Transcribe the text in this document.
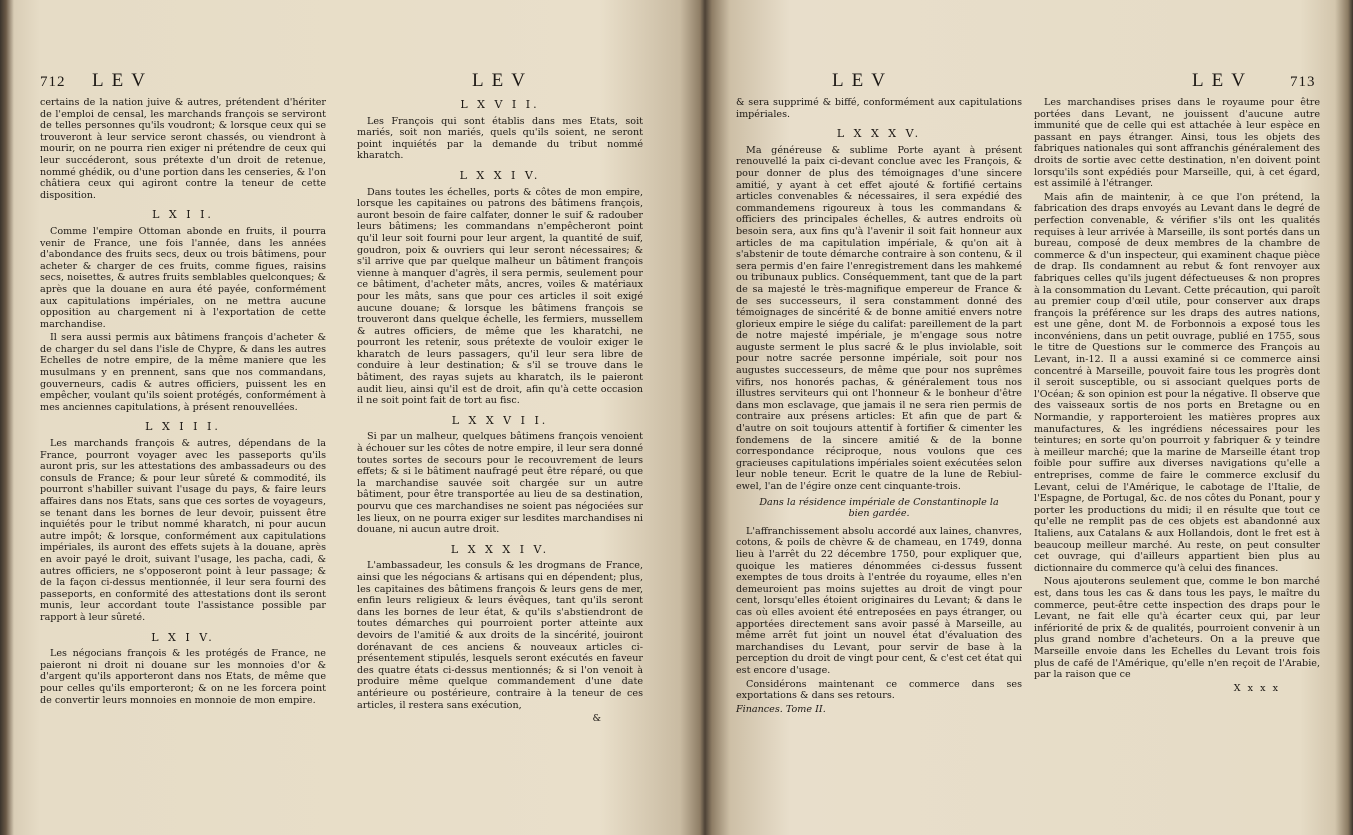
712 LEV	LEV

certains de la nation juive & autres, prétendent d'hériter de l'emploi de censal, les marchands françois se serviront de telles personnes qu'ils voudront; & lorsque ceux qui se trouveront à leur service seront chassés, ou viendront à mourir, on ne pourra rien exiger ni prétendre de ceux qui leur succéderont, sous prétexte d'un droit de retenue, nommé ghédik, ou d'une portion dans les censeries, & l'on châtiera ceux qui agiront contre la teneur de cette disposition.

L X I I.

Comme l'empire Ottoman abonde en fruits, il pourra venir de France, une fois l'année, dans les années d'abondance des fruits secs, deux ou trois bâtimens, pour acheter & charger de ces fruits, comme figues, raisins secs, noisettes, & autres fruits semblables quelconques; & après que la douane en aura été payée, conformément aux capitulations impériales, on ne mettra aucune opposition au chargement ni à l'exportation de cette marchandise.

Il sera aussi permis aux bâtimens françois d'acheter & de charger du sel dans l'isle de Chypre, & dans les autres Echelles de notre empire, de la même maniere que les musulmans y en prennent, sans que nos commandans, gouverneurs, cadis & autres officiers, puissent les en empêcher, voulant qu'ils soient protégés, conformément à mes anciennes capitulations, à présent renouvellées.

L X I I I.

Les marchands françois & autres, dépendans de la France, pourront voyager avec les passeports qu'ils auront pris, sur les attestations des ambassadeurs ou des consuls de France; & pour leur sûreté & commodité, ils pourront s'habiller suivant l'usage du pays, & faire leurs affaires dans nos Etats, sans que ces sortes de voyageurs, se tenant dans les bornes de leur devoir, puissent être inquiétés pour le tribut nommé kharatch, ni pour aucun autre impôt; & lorsque, conformément aux capitulations impériales, ils auront des effets sujets à la douane, après en avoir payé le droit, suivant l'usage, les pacha, cadi, & autres officiers, ne s'opposeront point à leur passage; & de la façon ci-dessus mentionnée, il leur sera fourni des passeports, en conformité des attestations dont ils seront munis, leur accordant toute l'assistance possible par rapport à leur sûreté.

L X I V.

Les négocians françois & les protégés de France, ne paieront ni droit ni douane sur les monnoies d'or & d'argent qu'ils apporteront dans nos Etats, de même que pour celles qu'ils emporteront; & on ne les forcera point de convertir leurs monnoies en monnoie de mon empire.

L X V I I.

Les François qui sont établis dans mes Etats, soit mariés, soit non mariés, quels qu'ils soient, ne seront point inquiétés par la demande du tribut nommé kharatch.

L X X I V.

Dans toutes les échelles, ports & côtes de mon empire, lorsque les capitaines ou patrons des bâtimens françois, auront besoin de faire calfater, donner le suif & radouber leurs bâtimens; les commandans n'empêcheront point qu'il leur soit fourni pour leur argent, la quantité de suif, goudron, poix & ouvriers qui leur seront nécessaires; & s'il arrive que par quelque malheur un bâtiment françois vienne à manquer d'agrès, il sera permis, seulement pour ce bâtiment, d'acheter mâts, ancres, voiles & matériaux pour les mâts, sans que pour ces articles il soit exigé aucune douane; & lorsque les bâtimens françois se trouveront dans quelque échelle, les fermiers, mussellem & autres officiers, de même que les kharatchi, ne pourront les retenir, sous prétexte de vouloir exiger le kharatch de leurs passagers, qu'il leur sera libre de conduire à leur destination; & s'il se trouve dans le bâtiment, des rayas sujets au kharatch, ils le paieront audit lieu, ainsi qu'il est de droit, afin qu'à cette occasion il ne soit point fait de tort au fisc.

L X X V I I.

Si par un malheur, quelques bâtimens françois venoient à échouer sur les côtes de notre empire, il leur sera donné toutes sortes de secours pour le recouvrement de leurs effets; & si le bâtiment naufragé peut être réparé, ou que la marchandise sauvée soit chargée sur un autre bâtiment, pour être transportée au lieu de sa destination, pourvu que ces marchandises ne soient pas négociées sur les lieux, on ne pourra exiger sur lesdites marchandises ni douane, ni aucun autre droit.

L X X X I V.

L'ambassadeur, les consuls & les drogmans de France, ainsi que les négocians & artisans qui en dépendent; plus, les capitaines des bâtimens françois & leurs gens de mer, enfin leurs religieux & leurs évêques, tant qu'ils seront dans les bornes de leur état, & qu'ils s'abstiendront de toutes démarches qui pourroient porter atteinte aux devoirs de l'amitié & aux droits de la sincérité, jouiront dorénavant de ces anciens & nouveaux articles ci-présentement stipulés, lesquels seront exécutés en faveur des quatre états ci-dessus mentionnés; & si l'on venoit à produire même quelque commandement d'une date antérieure ou postérieure, contraire à la teneur de ces articles, il restera sans exécution,

&

LEV	LEV 713

& sera supprimé & biffé, conformément aux capitulations impériales.

L X X X V.

Ma généreuse & sublime Porte ayant à présent renouvellé la paix ci-devant conclue avec les François, & pour donner de plus des témoignages d'une sincere amitié, y ayant à cet effet ajouté & fortifié certains articles convenables & nécessaires, il sera expédié des commandemens rigoureux à tous les commandans & officiers des principales échelles, & autres endroits où besoin sera, aux fins qu'à l'avenir il soit fait honneur aux articles de ma capitulation impériale, & qu'on ait à s'abstenir de toute démarche contraire à son contenu, & il sera permis d'en faire l'enregistrement dans les mahkemé ou tribunaux publics. Conséquemment, tant que de la part de sa majesté le très-magnifique empereur de France & de ses successeurs, il sera constamment donné des témoignages de sincérité & de bonne amitié envers notre glorieux empire le siége du califat: pareillement de la part de notre majesté impériale, je m'engage sous notre auguste serment le plus sacré & le plus inviolable, soit pour notre sacrée personne impériale, soit pour nos augustes successeurs, de même que pour nos suprêmes vifirs, nos honorés pachas, & généralement tous nos illustres serviteurs qui ont l'honneur & le bonheur d'être dans mon esclavage, que jamais il ne sera rien permis de contraire aux présens articles: Et afin que de part & d'autre on soit toujours attentif à fortifier & cimenter les fondemens de la sincere amitié & de la bonne correspondance réciproque, nous voulons que ces gracieuses capitulations impériales soient exécutées selon leur noble teneur. Ecrit le quatre de la lune de Rebiul-ewel, l'an de l'égire onze cent cinquante-trois.

Dans la résidence impériale de Constantinople la bien gardée.

L'affranchissement absolu accordé aux laines, chanvres, cotons, & poils de chèvre & de chameau, en 1749, donna lieu à l'arrêt du 22 décembre 1750, pour expliquer que, quoique les matieres dénommées ci-dessus fussent exemptes de tous droits à l'entrée du royaume, elles n'en demeuroient pas moins sujettes au droit de vingt pour cent, lorsqu'elles étoient originaires du Levant; & dans le cas où elles avoient été entreposées en pays étranger, ou apportées directement sans avoir passé à Marseille, au même arrêt fut joint un nouvel état d'évaluation des marchandises du Levant, pour servir de base à la perception du droit de vingt pour cent, & c'est cet état qui est encore d'usage.

Considérons maintenant ce commerce dans ses exportations & dans ses retours.

Finances. Tome II.

Les marchandises prises dans le royaume pour être portées dans Levant, ne jouissent d'aucune autre immunité que de celle qui est attachée à leur espèce en passant en pays étranger. Ainsi, tous les objets des fabriques nationales qui sont affranchis généralement des droits de sortie avec cette destination, n'en doivent point lorsqu'ils sont expédiés pour Marseille, qui, à cet égard, est assimilé à l'étranger.

Mais afin de maintenir, à ce que l'on prétend, la fabrication des draps envoyés au Levant dans le degré de perfection convenable, & vérifier s'ils ont les qualités requises à leur arrivée à Marseille, ils sont portés dans un bureau, composé de deux membres de la chambre de commerce & d'un inspecteur, qui examinent chaque pièce de drap. Ils condamnent au rebut & font renvoyer aux fabriques celles qu'ils jugent défectueuses & non propres à la consommation du Levant. Cette précaution, qui paroît au premier coup d'œil utile, pour conserver aux draps françois la préférence sur les draps des autres nations, est une gêne, dont M. de Forbonnois a exposé tous les inconvéniens, dans un petit ouvrage, publié en 1755, sous le titre de Questions sur le commerce des François au Levant, in-12. Il a aussi examiné si ce commerce ainsi concentré à Marseille, pouvoit faire tous les progrès dont il seroit susceptible, ou si associant quelques ports de l'Océan; & son opinion est pour la négative. Il observe que des vaisseaux sortis de nos ports en Bretagne ou en Normandie, y rapporteroient les matières propres aux manufactures, & les ingrédiens nécessaires pour les teintures; en sorte qu'on pourroit y fabriquer & y teindre à meilleur marché; que la marine de Marseille étant trop foible pour suffire aux diverses navigations qu'elle a entreprises, comme de faire le commerce exclusif du Levant, celui de l'Amérique, le cabotage de l'Italie, de l'Espagne, de Portugal, &c. de nos côtes du Ponant, pour y porter les productions du midi; il en résulte que tout ce qu'elle ne remplit pas de ces objets est abandonné aux Italiens, aux Catalans & aux Hollandois, dont le fret est à beaucoup meilleur marché. Au reste, on peut consulter cet ouvrage, qui d'ailleurs appartient bien plus au dictionnaire du commerce qu'à celui des finances.

Nous ajouterons seulement que, comme le bon marché est, dans tous les cas & dans tous les pays, le maître du commerce, peut-être cette inspection des draps pour le Levant, ne fait elle qu'à écarter ceux qui, par leur infériorité de prix & de qualités, pourroient convenir à un plus grand nombre d'acheteurs. On a la preuve que Marseille envoie dans les Echelles du Levant trois fois plus de café de l'Amérique, qu'elle n'en reçoit de l'Arabie, par la raison que ce

X x x x
